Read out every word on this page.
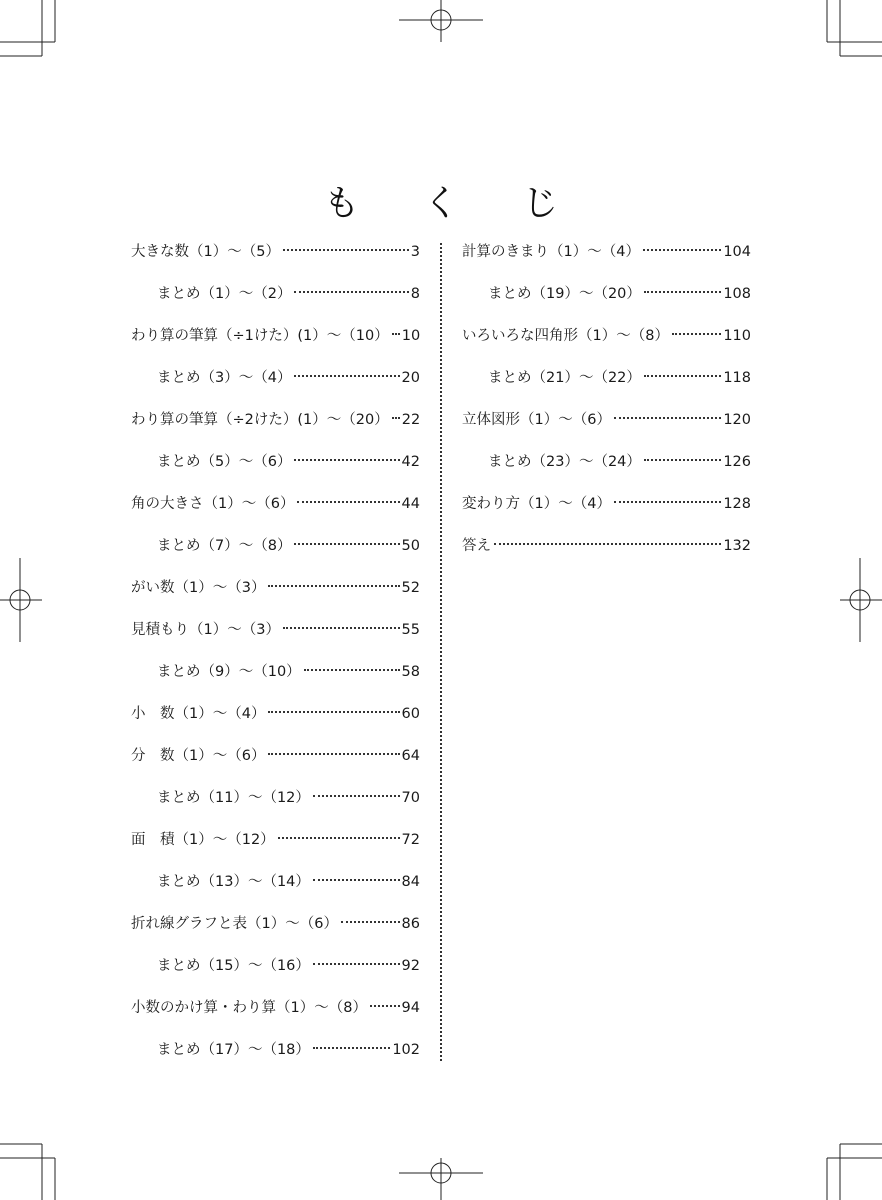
も く じ
大きな数（1）～（5）	3
まとめ（1）～（2）	8
わり算の筆算（÷1けた）(1）～（10） 10
まとめ（3）～（4）	20
わり算の筆算（÷2けた）(1）～（20） 22
まとめ（5）～（6）	42
角の大きさ（1）～（6）	44
まとめ（7）～（8）	50
がい数（1）～（3）	52
見積もり（1）～（3）	55
まとめ（9）～（10）	58
小　数（1）～（4）	60
分　数（1）～（6）	64
まとめ（11）～（12）	70
面　積（1）～（12）	72
まとめ（13）～（14）	84
折れ線グラフと表（1）～（6）	86
まとめ（15）～（16）	92
小数のかけ算・わり算（1）～（8） 94
まとめ（17）～（18）	102
計算のきまり（1）～（4）	104
まとめ（19）～（20）	108
いろいろな四角形（1）～（8）	110
まとめ（21）～（22）	118
立体図形（1）～（6）	120
まとめ（23）～（24）	126
変わり方（1）～（4）	128
答え	132
